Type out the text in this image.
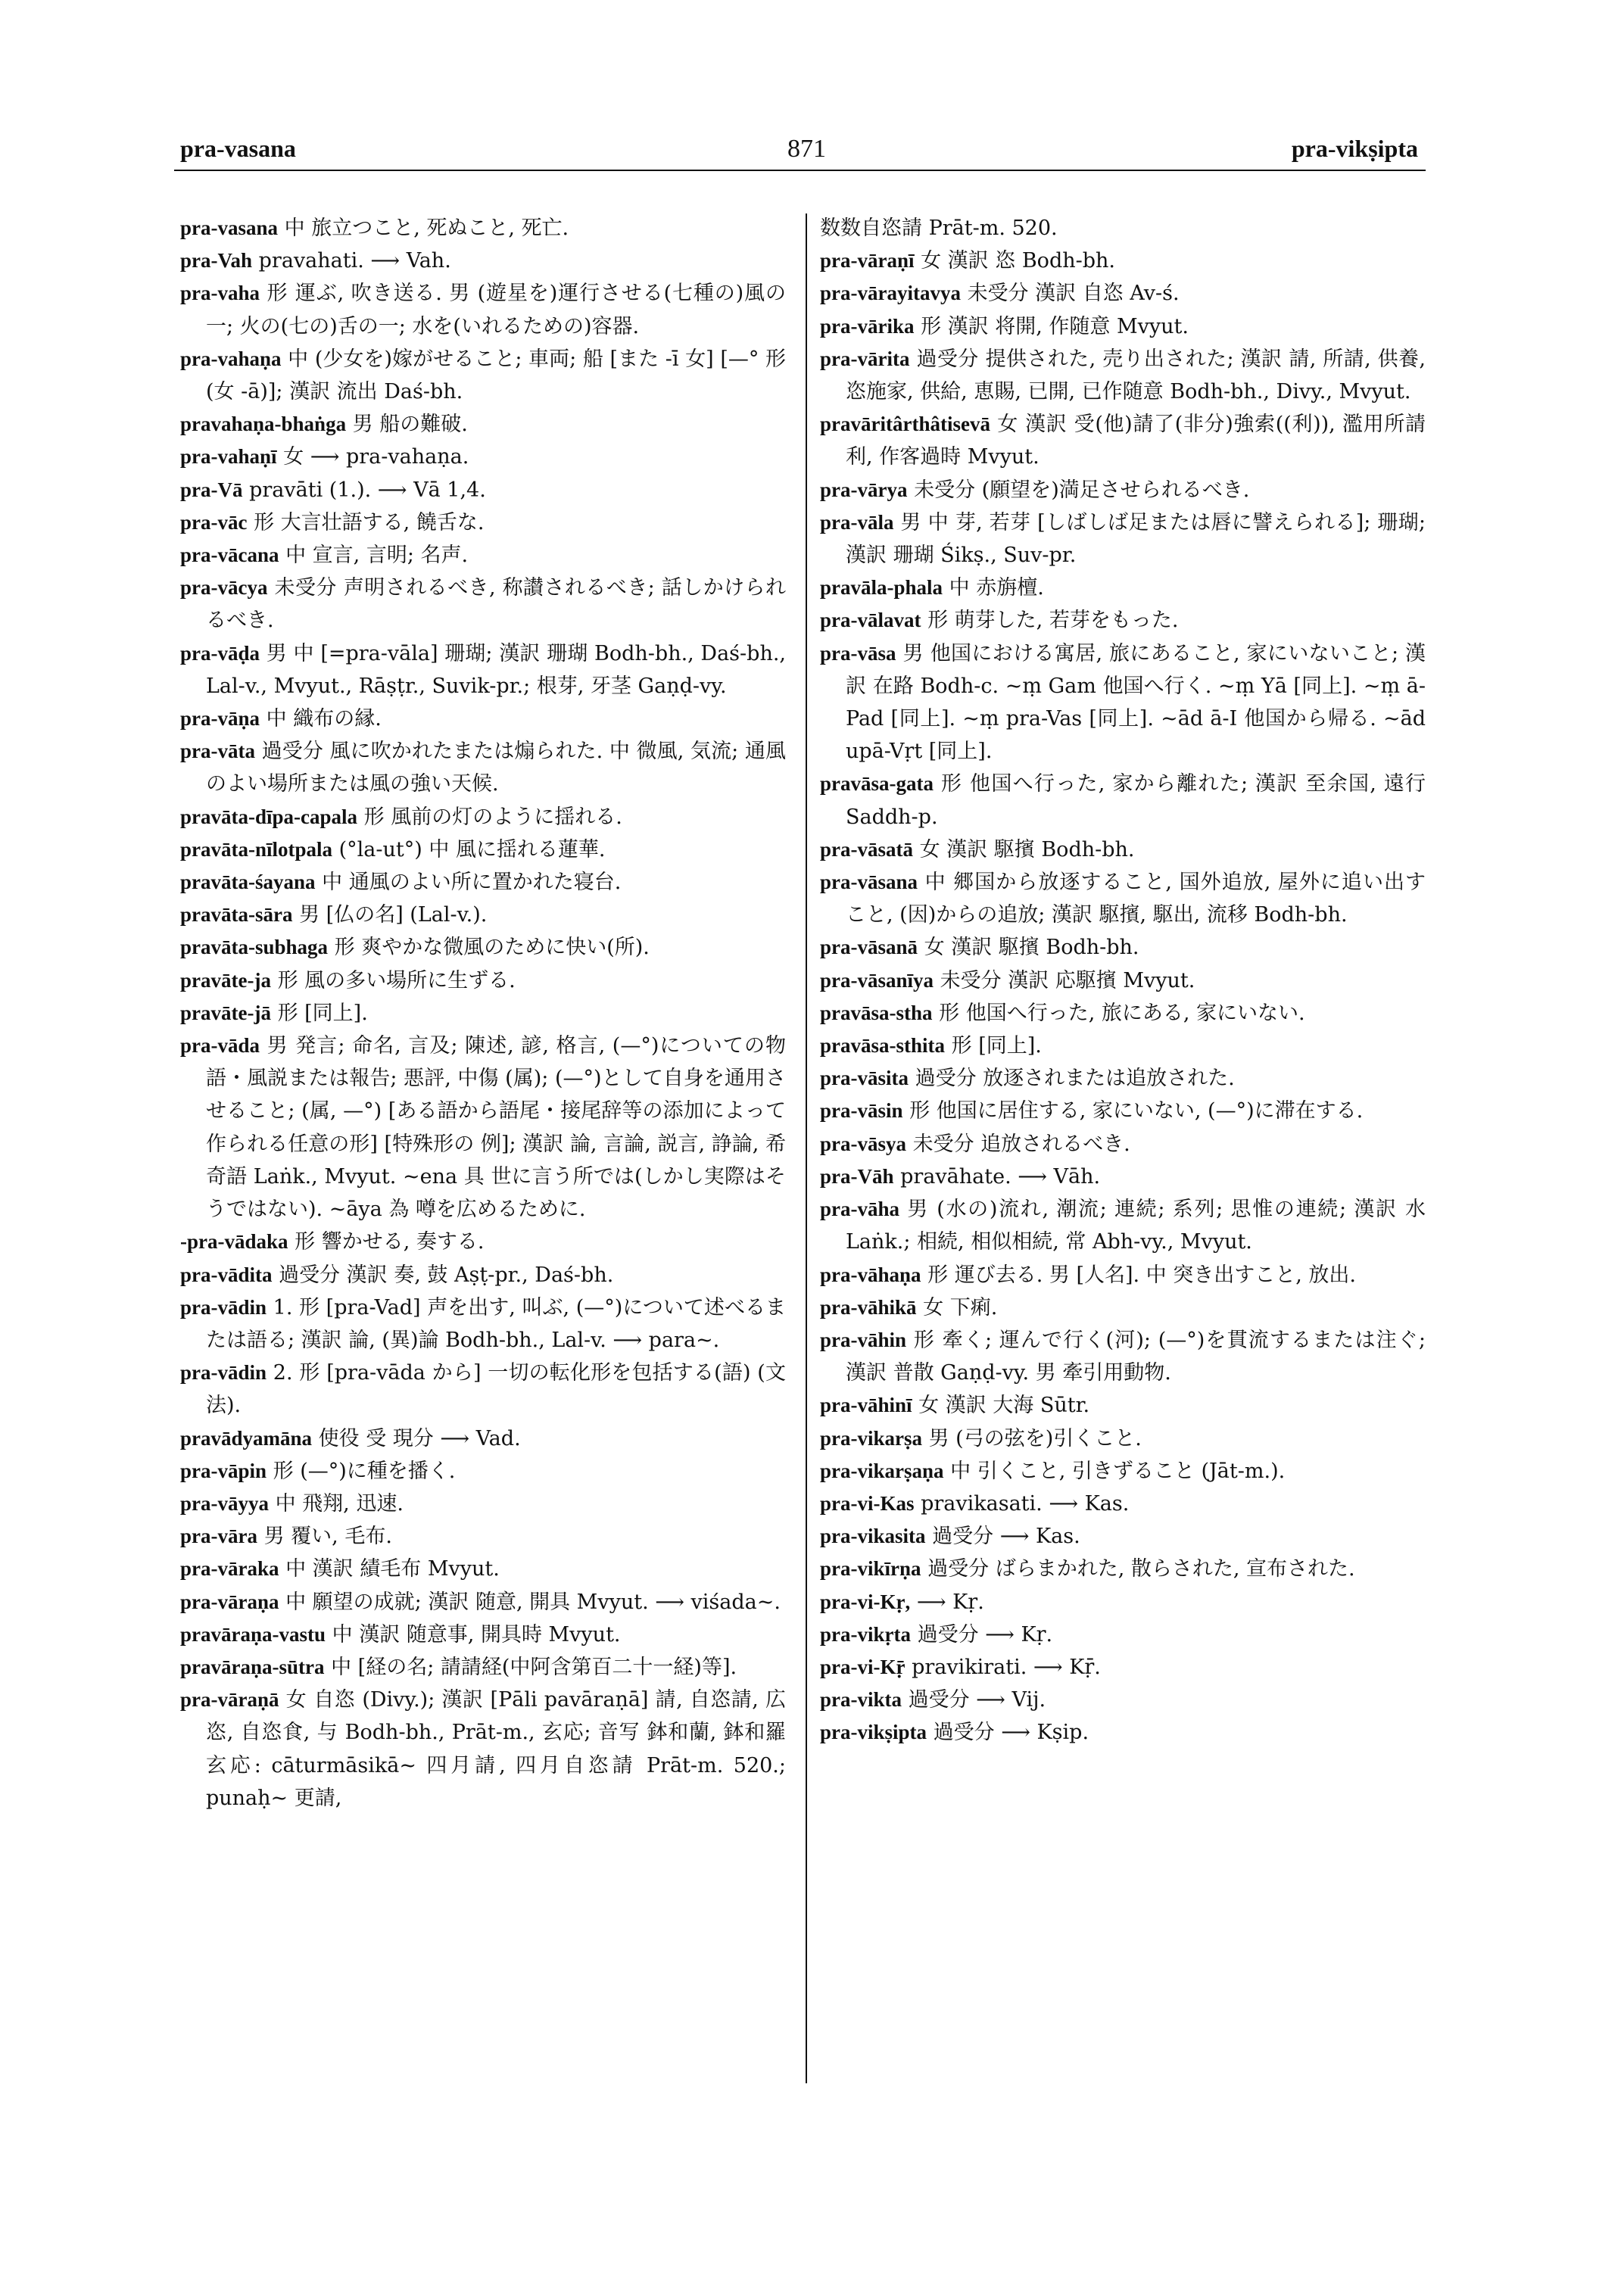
pra-vasana	871	pra-vikṣipta
pra-vasana 中 旅立つこと, 死ぬこと, 死亡.
pra-Vah pravahati. ⟶ Vah.
pra-vaha 形 運ぶ, 吹き送る. 男 (遊星を)運行させる(七種の)風の一; 火の(七の)舌の一; 水を(いれるための)容器.
pra-vahaṇa 中 (少女を)嫁がせること; 車両; 船 [また -ī 女] [—° 形 (女 -ā)]; 漢訳 流出 Daś-bh.
pravahaṇa-bhaṅga 男 船の難破.
pra-vahaṇī 女 ⟶ pra-vahaṇa.
pra-Vā pravāti (1.). ⟶ Vā 1,4.
pra-vāc 形 大言壮語する, 饒舌な.
pra-vācana 中 宣言, 言明; 名声.
pra-vācya 未受分 声明されるべき, 称讃されるべき; 話しかけられるべき.
pra-vāḍa 男 中 [=pra-vāla] 珊瑚; 漢訳 珊瑚 Bodh-bh., Daś-bh., Lal-v., Mvyut., Rāṣṭr., Suvik-pr.; 根芽, 牙茎 Gaṇḍ-vy.
pra-vāṇa 中 織布の縁.
pra-vāta 過受分 風に吹かれたまたは煽られた. 中 微風, 気流; 通風のよい場所または風の強い天候.
pravāta-dīpa-capala 形 風前の灯のように揺れる.
pravāta-nīlotpala (°la-ut°) 中 風に揺れる蓮華.
pravāta-śayana 中 通風のよい所に置かれた寝台.
pravāta-sāra 男 [仏の名] (Lal-v.).
pravāta-subhaga 形 爽やかな微風のために快い(所).
pravāte-ja 形 風の多い場所に生ずる.
pravāte-jā 形 [同上].
pra-vāda 男 発言; 命名, 言及; 陳述, 諺, 格言, (—°)についての物語・風説または報告; 悪評, 中傷 (属); (—°)として自身を通用させること; (属, —°) [ある語から語尾・接尾辞等の添加によって作られる任意の形] [特殊形の 例]; 漢訳 論, 言論, 説言, 諍論, 希奇語 Laṅk., Mvyut. ~ena 具 世に言う所では(しかし実際はそうではない). ~āya 為 噂を広めるために.
-pra-vādaka 形 響かせる, 奏する.
pra-vādita 過受分 漢訳 奏, 鼓 Aṣṭ-pr., Daś-bh.
pra-vādin 1. 形 [pra-Vad] 声を出す, 叫ぶ, (—°)について述べるまたは語る; 漢訳 論, (異)論 Bodh-bh., Lal-v. ⟶ para~.
pra-vādin 2. 形 [pra-vāda から] 一切の転化形を包括する(語) (文法).
pravādyamāna 使役 受 現分 ⟶ Vad.
pra-vāpin 形 (—°)に種を播く.
pra-vāyya 中 飛翔, 迅速.
pra-vāra 男 覆い, 毛布.
pra-vāraka 中 漢訳 績毛布 Mvyut.
pra-vāraṇa 中 願望の成就; 漢訳 随意, 開具 Mvyut. ⟶ viśada~.
pravāraṇa-vastu 中 漢訳 随意事, 開具時 Mvyut.
pravāraṇa-sūtra 中 [経の名; 請請経(中阿含第百二十一経)等].
pra-vāraṇā 女 自恣 (Divy.); 漢訳 [Pāli pavāraṇā] 請, 自恣請, 広恣, 自恣食, 与 Bodh-bh., Prāt-m., 玄応; 音写 鉢和蘭, 鉢和羅 玄応: cāturmāsikā~ 四月請, 四月自恣請 Prāt-m. 520.; punaḥ~ 更請,
数数自恣請 Prāt-m. 520.
pra-vāraṇī 女 漢訳 恣 Bodh-bh.
pra-vārayitavya 未受分 漢訳 自恣 Av-ś.
pra-vārika 形 漢訳 将開, 作随意 Mvyut.
pra-vārita 過受分 提供された, 売り出された; 漢訳 請, 所請, 供養, 恣施家, 供給, 恵賜, 已開, 已作随意 Bodh-bh., Divy., Mvyut.
pravāritârthâtisevā 女 漢訳 受(他)請了(非分)強索((利)), 濫用所請利, 作客過時 Mvyut.
pra-vārya 未受分 (願望を)満足させられるべき.
pra-vāla 男 中 芽, 若芽 [しばしば足または唇に譬えられる]; 珊瑚; 漢訳 珊瑚 Śikṣ., Suv-pr.
pravāla-phala 中 赤旃檀.
pra-vālavat 形 萌芽した, 若芽をもった.
pra-vāsa 男 他国における寓居, 旅にあること, 家にいないこと; 漢訳 在路 Bodh-c. ~ṃ Gam 他国へ行く. ~ṃ Yā [同上]. ~ṃ ā-Pad [同上]. ~ṃ pra-Vas [同上]. ~ād ā-I 他国から帰る. ~ād upā-Vṛt [同上].
pravāsa-gata 形 他国へ行った, 家から離れた; 漢訳 至余国, 遠行 Saddh-p.
pra-vāsatā 女 漢訳 駆擯 Bodh-bh.
pra-vāsana 中 郷国から放逐すること, 国外追放, 屋外に追い出すこと, (因)からの追放; 漢訳 駆擯, 駆出, 流移 Bodh-bh.
pra-vāsanā 女 漢訳 駆擯 Bodh-bh.
pra-vāsanīya 未受分 漢訳 応駆擯 Mvyut.
pravāsa-stha 形 他国へ行った, 旅にある, 家にいない.
pravāsa-sthita 形 [同上].
pra-vāsita 過受分 放逐されまたは追放された.
pra-vāsin 形 他国に居住する, 家にいない, (—°)に滞在する.
pra-vāsya 未受分 追放されるべき.
pra-Vāh pravāhate. ⟶ Vāh.
pra-vāha 男 (水の)流れ, 潮流; 連続; 系列; 思惟の連続; 漢訳 水 Laṅk.; 相続, 相似相続, 常 Abh-vy., Mvyut.
pra-vāhaṇa 形 運び去る. 男 [人名]. 中 突き出すこと, 放出.
pra-vāhikā 女 下痢.
pra-vāhin 形 牽く; 運んで行く(河); (—°)を貫流するまたは注ぐ; 漢訳 普散 Gaṇḍ-vy. 男 牽引用動物.
pra-vāhinī 女 漢訳 大海 Sūtr.
pra-vikarṣa 男 (弓の弦を)引くこと.
pra-vikarṣaṇa 中 引くこと, 引きずること (Jāt-m.).
pra-vi-Kas pravikasati. ⟶ Kas.
pra-vikasita 過受分 ⟶ Kas.
pra-vikīrṇa 過受分 ばらまかれた, 散らされた, 宣布された.
pra-vi-Kṛ, ⟶ Kṛ.
pra-vikṛta 過受分 ⟶ Kṛ.
pra-vi-Kṝ pravikirati. ⟶ Kṝ.
pra-vikta 過受分 ⟶ Vij.
pra-vikṣipta 過受分 ⟶ Kṣip.
